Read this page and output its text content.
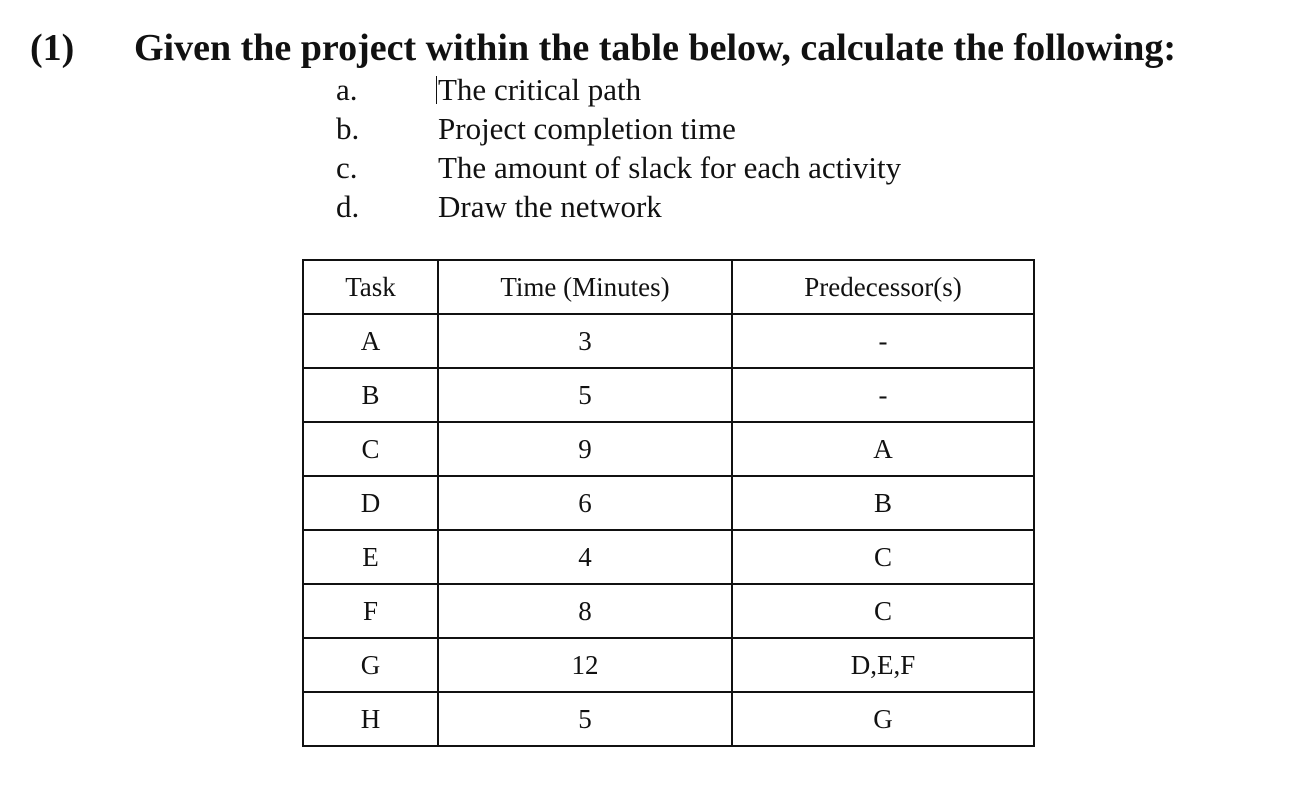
(1) Given the project within the table below, calculate the following:
a.	The critical path
b.	Project completion time
c.	The amount of slack for each activity
d.	Draw the network
Task	Time (Minutes)	Predecessor(s)
A	3	-
B	5	-
C	9	A
D	6	B
E	4	C
F	8	C
G	12	D,E,F
H	5	G
